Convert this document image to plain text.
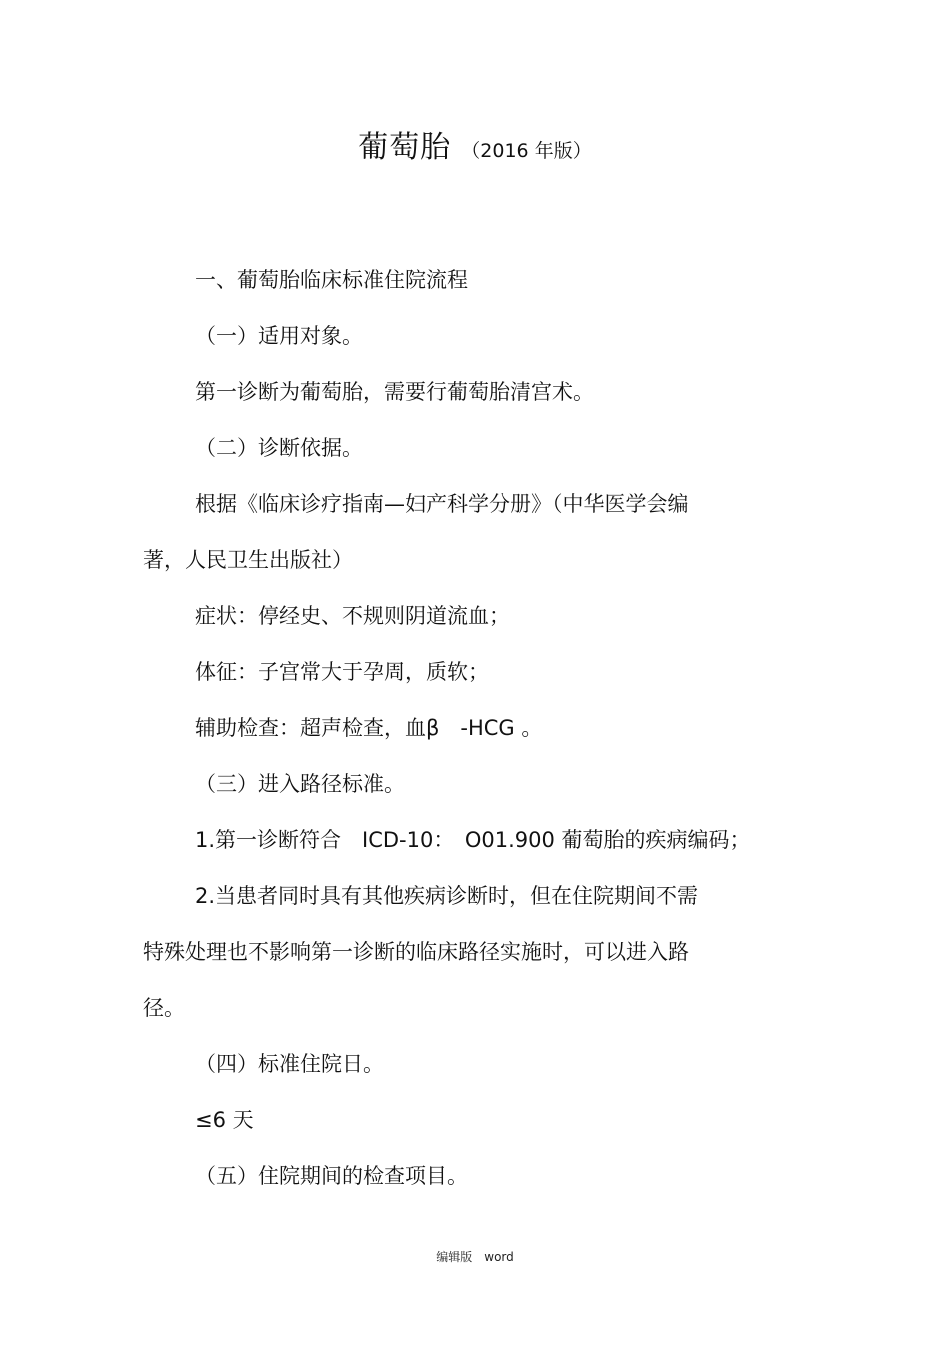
葡萄胎 （2016 年版）
一、葡萄胎临床标准住院流程
（一）适用对象。
第一诊断为葡萄胎，需要行葡萄胎清宫术。
（二）诊断依据。
根据《临床诊疗指南—妇产科学分册》（中华医学会编
著，人民卫生出版社）
症状：停经史、不规则阴道流血；
体征：子宫常大于孕周，质软；
辅助检查：超声检查，血β　-HCG 。
（三）进入路径标准。
1.第一诊断符合　ICD-10：　O01.900 葡萄胎的疾病编码；
2.当患者同时具有其他疾病诊断时，但在住院期间不需
特殊处理也不影响第一诊断的临床路径实施时，可以进入路
径。
（四）标准住院日。
≤6 天
（五）住院期间的检查项目。
编辑版　word
